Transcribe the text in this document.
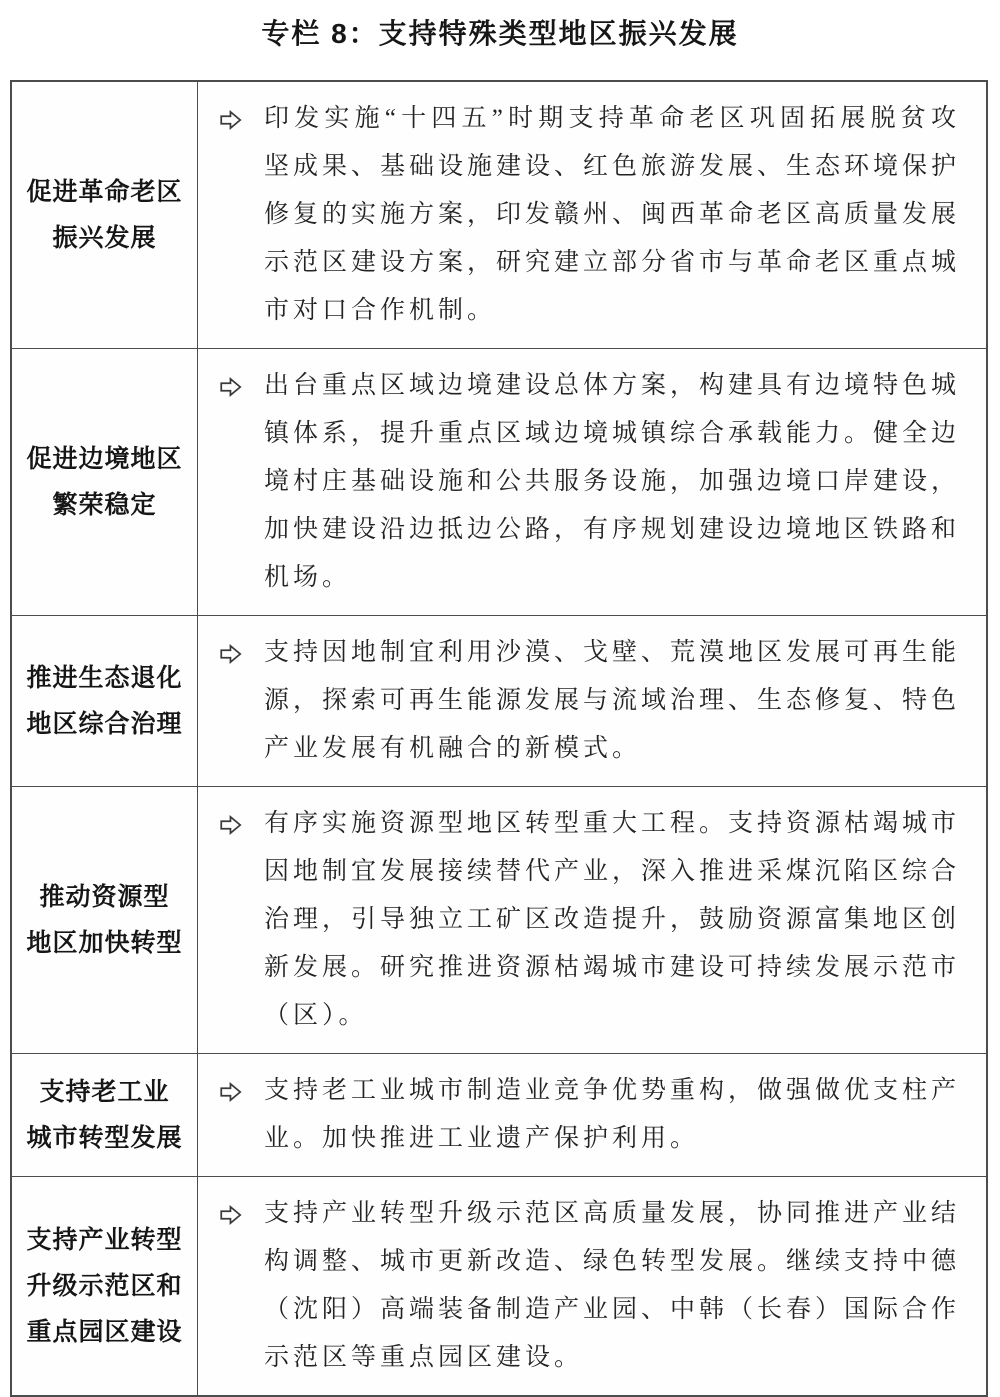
专栏 8：支持特殊类型地区振兴发展
促进革命老区
振兴发展
印发实施“十四五”时期支持革命老区巩固拓展脱贫攻坚成果、基础设施建设、红色旅游发展、生态环境保护修复的实施方案，印发赣州、闽西革命老区高质量发展示范区建设方案，研究建立部分省市与革命老区重点城市对口合作机制。
促进边境地区
繁荣稳定
出台重点区域边境建设总体方案，构建具有边境特色城镇体系，提升重点区域边境城镇综合承载能力。健全边境村庄基础设施和公共服务设施，加强边境口岸建设，加快建设沿边抵边公路，有序规划建设边境地区铁路和机场。
推进生态退化
地区综合治理
支持因地制宜利用沙漠、戈壁、荒漠地区发展可再生能源，探索可再生能源发展与流域治理、生态修复、特色产业发展有机融合的新模式。
推动资源型
地区加快转型
有序实施资源型地区转型重大工程。支持资源枯竭城市因地制宜发展接续替代产业，深入推进采煤沉陷区综合治理，引导独立工矿区改造提升，鼓励资源富集地区创新发展。研究推进资源枯竭城市建设可持续发展示范市（区）。
支持老工业
城市转型发展
支持老工业城市制造业竞争优势重构，做强做优支柱产业。加快推进工业遗产保护利用。
支持产业转型
升级示范区和
重点园区建设
支持产业转型升级示范区高质量发展，协同推进产业结构调整、城市更新改造、绿色转型发展。继续支持中德（沈阳）高端装备制造产业园、中韩（长春）国际合作示范区等重点园区建设。
